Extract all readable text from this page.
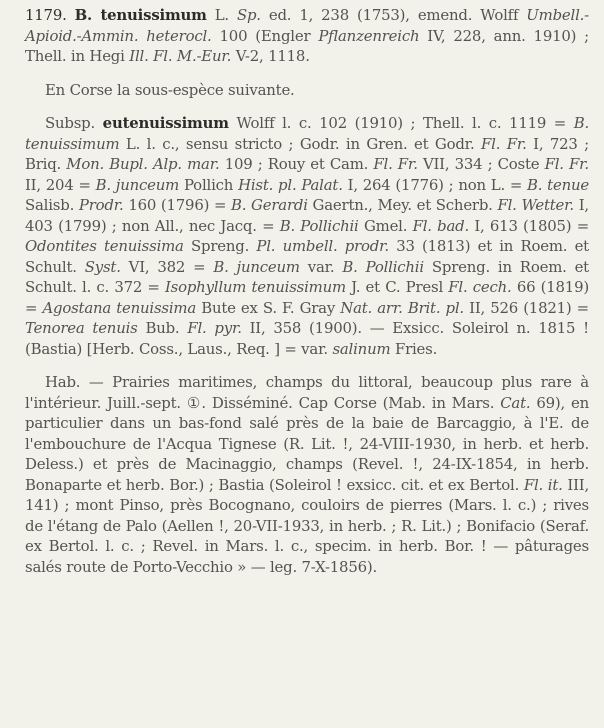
1179. B. tenuissimum L. Sp. ed. 1, 238 (1753), emend. Wolff Umbell.-Apioid.-Ammin. heterocl. 100 (Engler Pflanzenreich IV, 228, ann. 1910) ; Thell. in Hegi Ill. Fl. M.-Eur. V-2, 1118.

En Corse la sous-espèce suivante.

Subsp. eutenuissimum Wolff l. c. 102 (1910) ; Thell. l. c. 1119 = B. tenuissimum L. l. c., sensu stricto ; Godr. in Gren. et Godr. Fl. Fr. I, 723 ; Briq. Mon. Bupl. Alp. mar. 109 ; Rouy et Cam. Fl. Fr. VII, 334 ; Coste Fl. Fr. II, 204 = B. junceum Pollich Hist. pl. Palat. I, 264 (1776) ; non L. = B. tenue Salisb. Prodr. 160 (1796) = B. Gerardi Gaertn., Mey. et Scherb. Fl. Wetter. I, 403 (1799) ; non All., nec Jacq. = B. Pollichii Gmel. Fl. bad. I, 613 (1805) = Odontites tenuissima Spreng. Pl. umbell. prodr. 33 (1813) et in Roem. et Schult. Syst. VI, 382 = B. junceum var. B. Pollichii Spreng. in Roem. et Schult. l. c. 372 = Isophyllum tenuissimum J. et C. Presl Fl. cech. 66 (1819) = Agostana tenuissima Bute ex S. F. Gray Nat. arr. Brit. pl. II, 526 (1821) = Tenorea tenuis Bub. Fl. pyr. II, 358 (1900). — Exsicc. Soleirol n. 1815 ! (Bastia) [Herb. Coss., Laus., Req. ] = var. salinum Fries.

Hab. — Prairies maritimes, champs du littoral, beaucoup plus rare à l'intérieur. Juill.-sept. ①. Disséminé. Cap Corse (Mab. in Mars. Cat. 69), en particulier dans un bas-fond salé près de la baie de Barcaggio, à l'E. de l'embouchure de l'Acqua Tignese (R. Lit. !, 24-VIII-1930, in herb. et herb. Deless.) et près de Macinaggio, champs (Revel. !, 24-IX-1854, in herb. Bonaparte et herb. Bor.) ; Bastia (Soleirol ! exsicc. cit. et ex Bertol. Fl. it. III, 141) ; mont Pinso, près Bocognano, couloirs de pierres (Mars. l. c.) ; rives de l'étang de Palo (Aellen !, 20-VII-1933, in herb. ; R. Lit.) ; Bonifacio (Seraf. ex Bertol. l. c. ; Revel. in Mars. l. c., specim. in herb. Bor. ! — pâturages salés route de Porto-Vecchio » — leg. 7-X-1856).
